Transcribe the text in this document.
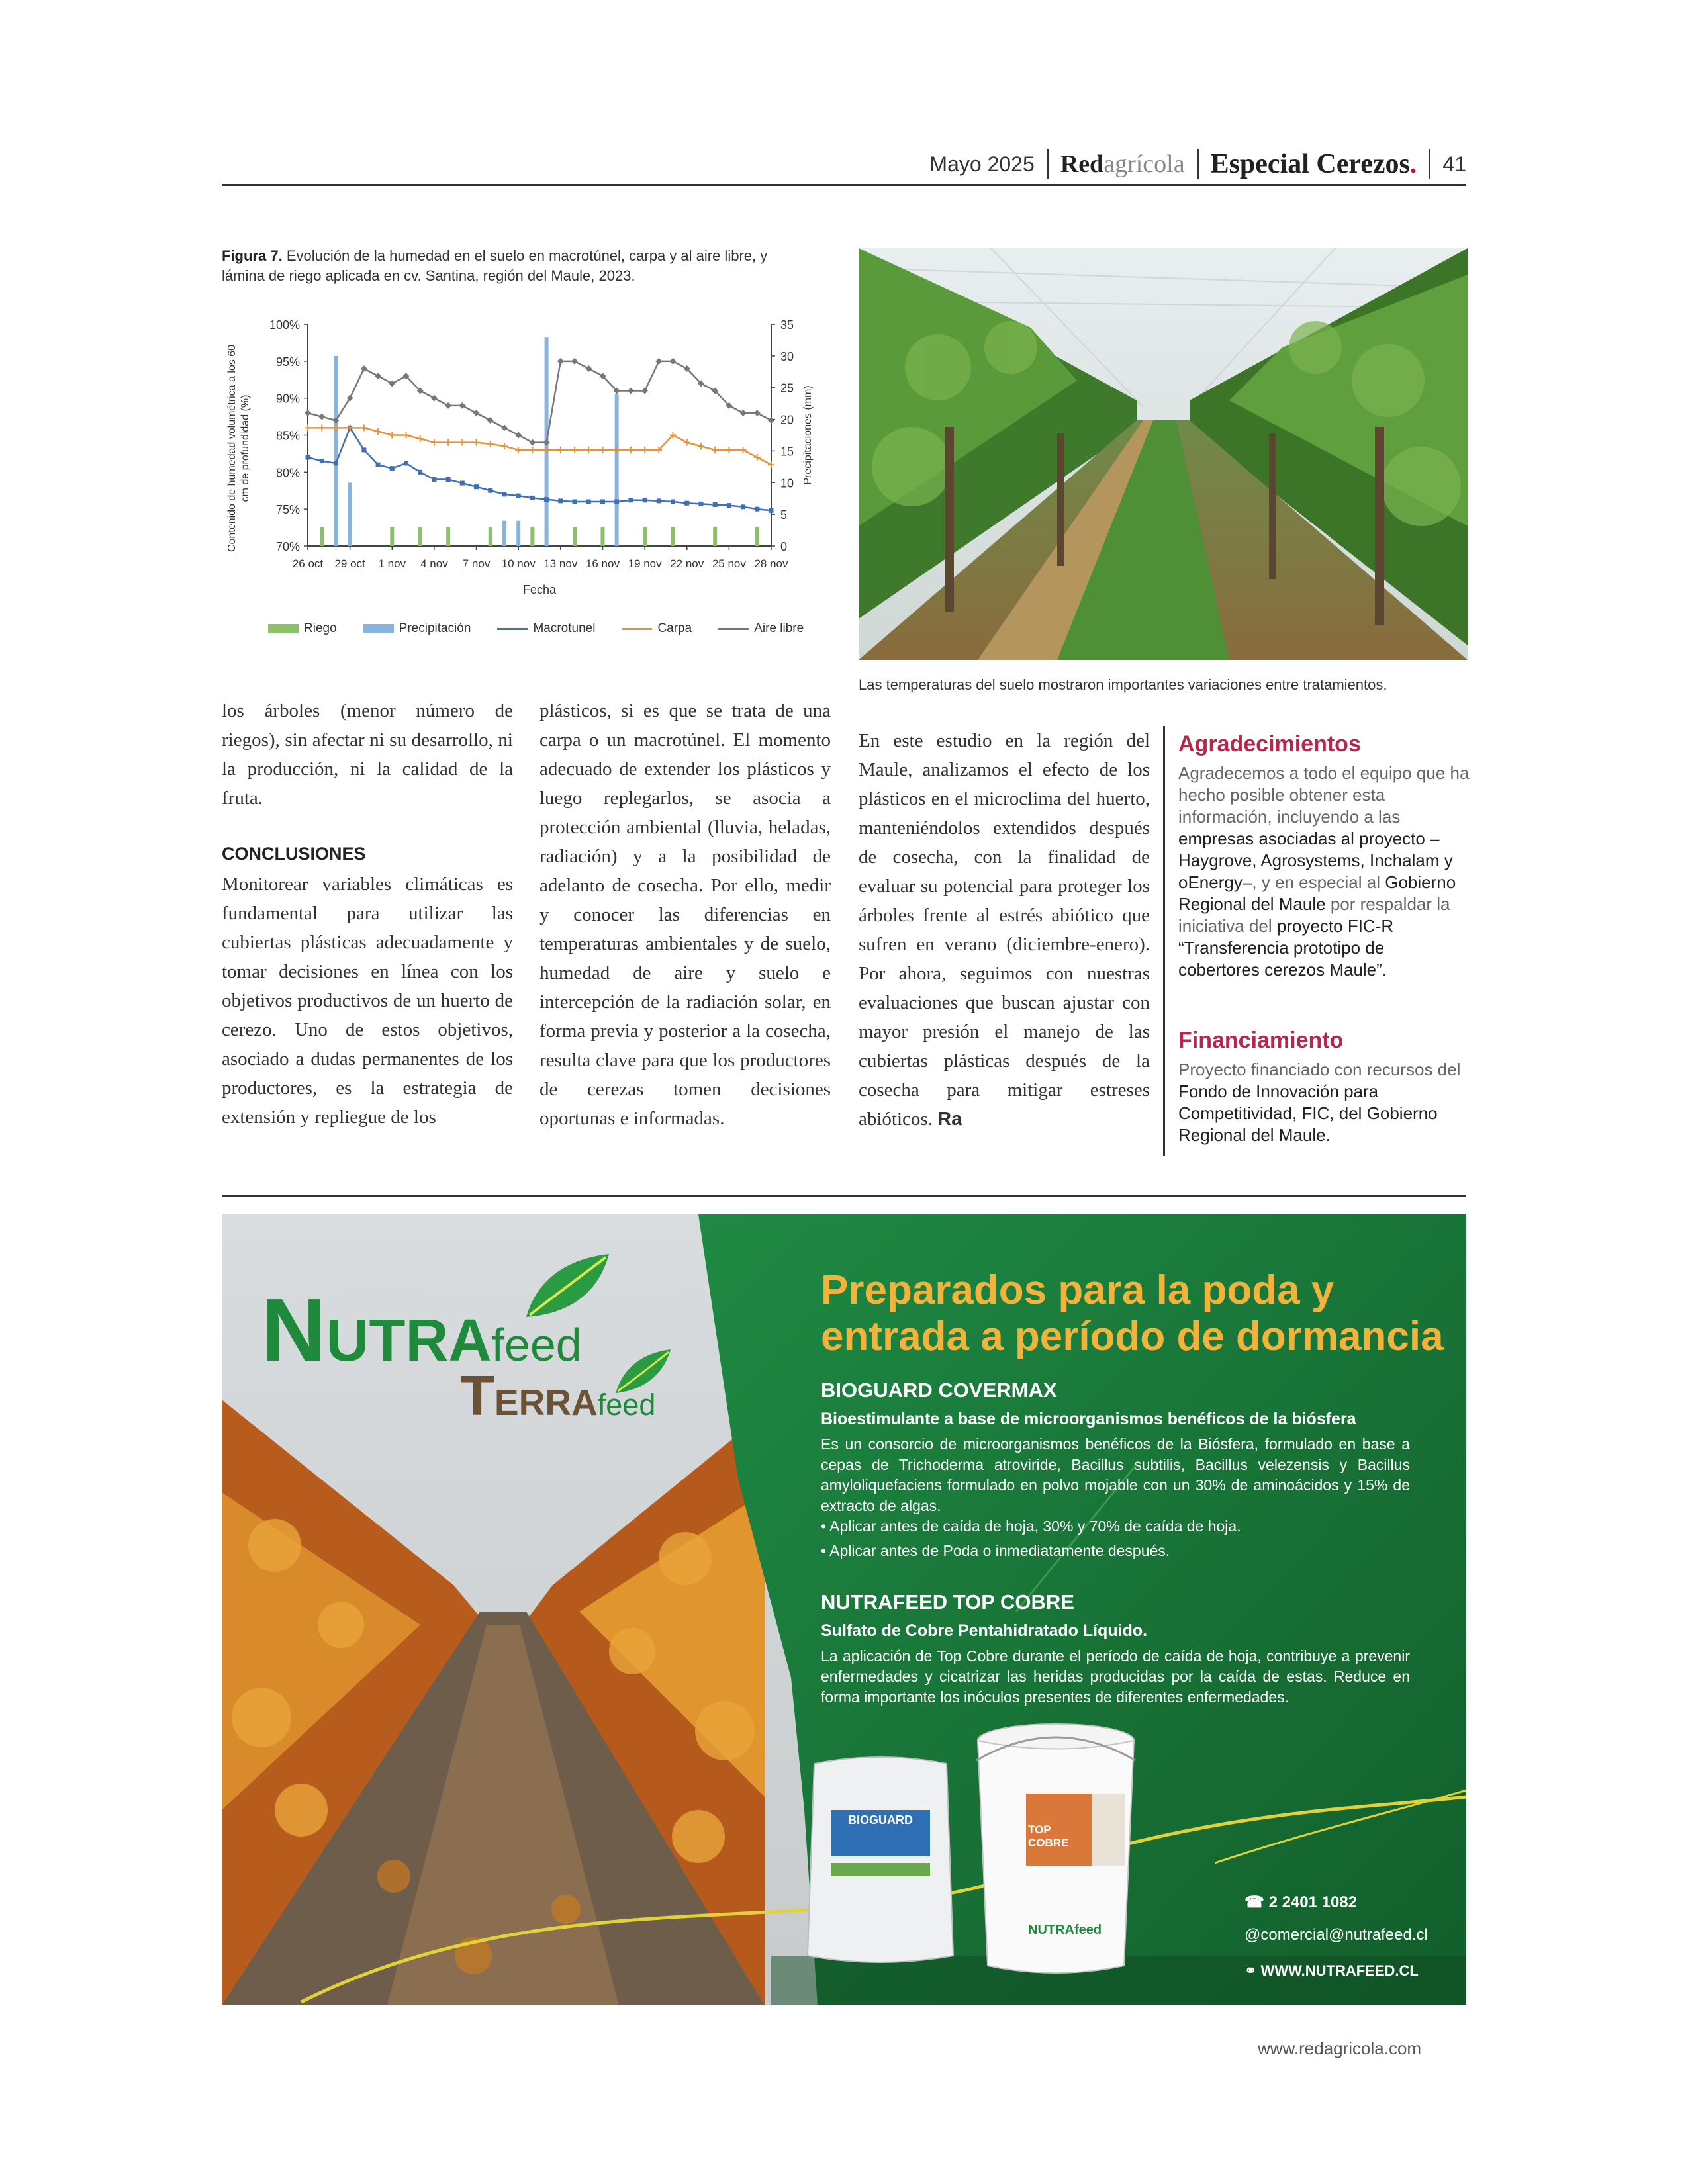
Mayo 2025 Redagrícola Especial Cerezos. 41
Figura 7. Evolución de la humedad en el suelo en macrotúnel, carpa y al aire libre, y lámina de riego aplicada en cv. Santina, región del Maule, 2023.
70%
75%
80%
85%
90%
95%
100%
0
5
10
15
20
25
30
35
26 oct 29 oct 1 nov 4 nov 7 nov 10 nov 13 nov 16 nov 19 nov 22 nov 25 nov 28 nov
Fecha
Contenido de humedad volumétrica a los 60 cm de profundidad (%)	Precipitaciones (mm)
Riego	Precipitación	Macrotunel	Carpa	Aire libre
Las temperaturas del suelo mostraron importantes variaciones entre tratamientos.

los árboles (menor número de riegos), sin afectar ni su desarrollo, ni la producción, ni la calidad de la fruta.

CONCLUSIONES

Monitorear variables climáticas es fundamental para utilizar las cubiertas plásticas adecuadamente y tomar decisiones en línea con los objetivos productivos de un huerto de cerezo. Uno de estos objetivos, asociado a dudas permanentes de los productores, es la estrategia de extensión y repliegue de los

plásticos, si es que se trata de una carpa o un macrotúnel. El momento adecuado de extender los plásticos y luego replegarlos, se asocia a protección ambiental (lluvia, heladas, radiación) y a la posibilidad de adelanto de cosecha. Por ello, medir y conocer las diferencias en temperaturas ambientales y de suelo, humedad de aire y suelo e intercepción de la radiación solar, en forma previa y posterior a la cosecha, resulta clave para que los productores de cerezas tomen decisiones oportunas e informadas.

En este estudio en la región del Maule, analizamos el efecto de los plásticos en el microclima del huerto, manteniéndolos extendidos después de cosecha, con la finalidad de evaluar su potencial para proteger los árboles frente al estrés abiótico que sufren en verano (diciembre-enero). Por ahora, seguimos con nuestras evaluaciones que buscan ajustar con mayor presión el manejo de las cubiertas plásticas después de la cosecha para mitigar estreses abióticos. Ra

Agradecimientos

Agradecemos a todo el equipo que ha hecho posible obtener esta información, incluyendo a las empresas asociadas al proyecto –Haygrove, Agrosystems, Inchalam y oEnergy–, y en especial al Gobierno Regional del Maule por respaldar la iniciativa del proyecto FIC-R “Transferencia prototipo de cobertores cerezos Maule”.

Financiamiento

Proyecto financiado con recursos del Fondo de Innovación para Competitividad, FIC, del Gobierno Regional del Maule.

NUTRAfeed
TERRAfeed
Preparados para la poda y entrada a período de dormancia
BIOGUARD COVERMAX
Bioestimulante a base de microorganismos benéficos de la biósfera

Es un consorcio de microorganismos benéficos de la Biósfera, formulado en base a cepas de Trichoderma atroviride, Bacillus subtilis, Bacillus velezensis y Bacillus amyloliquefaciens formulado en polvo mojable con un 30% de aminoácidos y 15% de extracto de algas.

• Aplicar antes de caída de hoja, 30% y 70% de caída de hoja.

• Aplicar antes de Poda o inmediatamente después.

NUTRAFEED TOP COBRE
Sulfato de Cobre Pentahidratado Líquido.

La aplicación de Top Cobre durante el período de caída de hoja, contribuye a prevenir enfermedades y cicatrizar las heridas producidas por la caída de estas. Reduce en forma importante los inóculos presentes de diferentes enfermedades.

BIOGUARD
TOP COBRE
NUTRAfeed
☎ 2 2401 1082
@comercial@nutrafeed.cl
⚭ WWW.NUTRAFEED.CL
www.redagricola.com
